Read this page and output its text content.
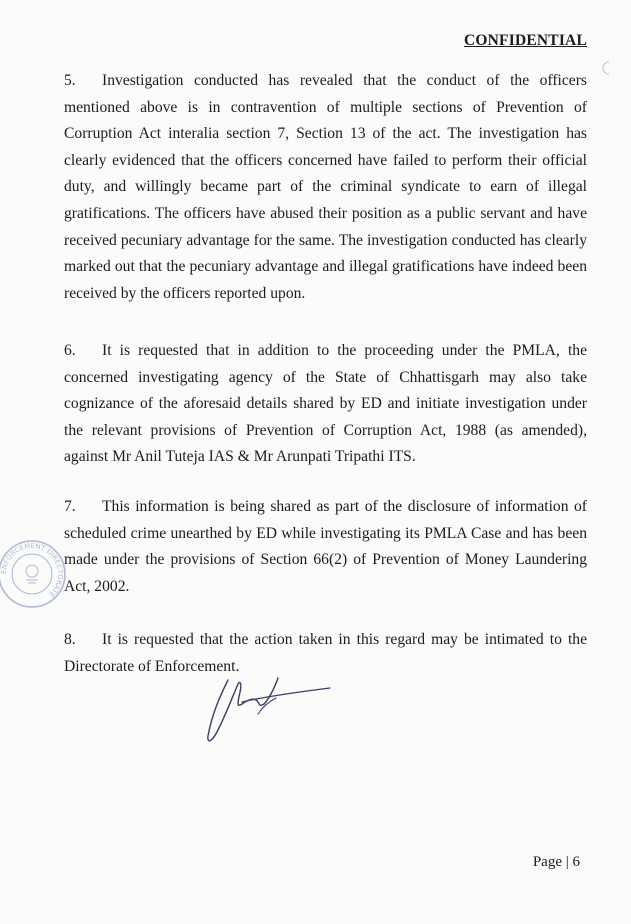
CONFIDENTIAL
5. Investigation conducted has revealed that the conduct of the officers mentioned above is in contravention of multiple sections of Prevention of Corruption Act interalia section 7, Section 13 of the act. The investigation has clearly evidenced that the officers concerned have failed to perform their official duty, and willingly became part of the criminal syndicate to earn of illegal gratifications. The officers have abused their position as a public servant and have received pecuniary advantage for the same. The investigation conducted has clearly marked out that the pecuniary advantage and illegal gratifications have indeed been received by the officers reported upon.
6. It is requested that in addition to the proceeding under the PMLA, the concerned investigating agency of the State of Chhattisgarh may also take cognizance of the aforesaid details shared by ED and initiate investigation under the relevant provisions of Prevention of Corruption Act, 1988 (as amended), against Mr Anil Tuteja IAS & Mr Arunpati Tripathi ITS.
7. This information is being shared as part of the disclosure of information of scheduled crime unearthed by ED while investigating its PMLA Case and has been made under the provisions of Section 66(2) of Prevention of Money Laundering Act, 2002.
8. It is requested that the action taken in this regard may be intimated to the Directorate of Enforcement.
ENFORCEMENT DIRECTORATE
Page | 6
